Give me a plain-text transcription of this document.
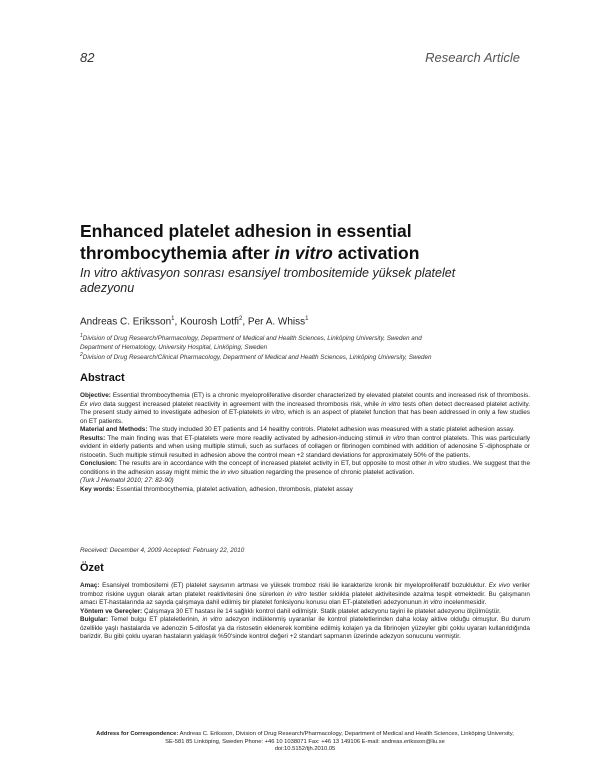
82	Research Article
Enhanced platelet adhesion in essential
thrombocythemia after in vitro activation
In vitro aktivasyon sonrası esansiyel trombositemide yüksek platelet
adezyonu
Andreas C. Eriksson$^1$, Kourosh Lotfi$^2$, Per A. Whiss$^1$
$^1$Division of Drug Research/Pharmacology, Department of Medical and Health Sciences, Linköping University, Sweden and
Department of Hematology, University Hospital, Linköping, Sweden
$^2$Division of Drug Research/Clinical Pharmacology, Department of Medical and Health Sciences, Linköping University, Sweden
Abstract

Objective: Essential thrombocythemia (ET) is a chronic myeloproliferative disorder characterized by elevated platelet counts and increased risk of thrombosis. Ex vivo data suggest increased platelet reactivity in agreement with the increased thrombosis risk, while in vitro tests often detect decreased platelet activity. The present study aimed to investigate adhesion of ET-platelets in vitro, which is an aspect of platelet function that has been addressed in only a few studies on ET patients.

Material and Methods: The study included 30 ET patients and 14 healthy controls. Platelet adhesion was measured with a static platelet adhesion assay.

Results: The main finding was that ET-platelets were more readily activated by adhesion-inducing stimuli in vitro than control platelets. This was particularly evident in elderly patients and when using multiple stimuli, such as surfaces of collagen or fibrinogen combined with addition of adenosine 5´-diphosphate or ristocetin. Such multiple stimuli resulted in adhesion above the control mean +2 standard deviations for approximately 50% of the patients.

Conclusion: The results are in accordance with the concept of increased platelet activity in ET, but opposite to most other in vitro studies. We suggest that the conditions in the adhesion assay might mimic the in vivo situation regarding the presence of chronic platelet activation.

(Turk J Hematol 2010; 27: 82-90)

Key words: Essential thrombocythemia, platelet activation, adhesion, thrombosis, platelet assay

Received: December 4, 2009 Accepted: February 22, 2010
Özet

Amaç: Esansiyel trombositemi (ET) platelet sayısının artması ve yüksek tromboz riski ile karakterize kronik bir myeloproliferatif bozukluktur. Ex vivo veriler tromboz riskine uygun olarak artan platelet reaktivitesini öne sürerken in vitro testler sıklıkla platelet aktivitesinde azalma tespit etmektedir. Bu çalışmanın amacı ET-hastalarında az sayıda çalışmaya dahil edilmiş bir platelet fonksiyonu konusu olan ET-plateletleri adezyonunun in vitro incelenmesidir.

Yöntem ve Gereçler: Çalışmaya 30 ET hastası ile 14 sağlıklı kontrol dahil edilmiştir. Statik platelet adezyonu tayini ile platelet adezyonu ölçülmüştür.

Bulgular: Temel bulgu ET plateletlerinin, in vitro adezyon indüklenmiş uyaranlar ile kontrol plateletlerinden daha kolay aktive olduğu olmuştur. Bu durum özellikle yaşlı hastalarda ve adenozin 5-difosfat ya da ristosetin eklenerek kombine edilmiş kolajen ya da fibrinojen yüzeyler gibi çoklu uyaran kullanıldığında barizdir. Bu gibi çoklu uyaran hastaların yaklaşık %50'sinde kontrol değeri +2 standart sapmanın üzerinde adezyon sonucunu vermiştir.

Address for Correspondence: Andreas C. Eriksson, Division of Drug Research/Pharmacology, Department of Medical and Health Sciences, Linköping University,
SE-581 85 Linköping, Sweden Phone: +46 10 1038071 Fax: +46 13 149106 E-mail: andreas.eriksson@liu.se
doi:10.5152/tjh.2010.05
